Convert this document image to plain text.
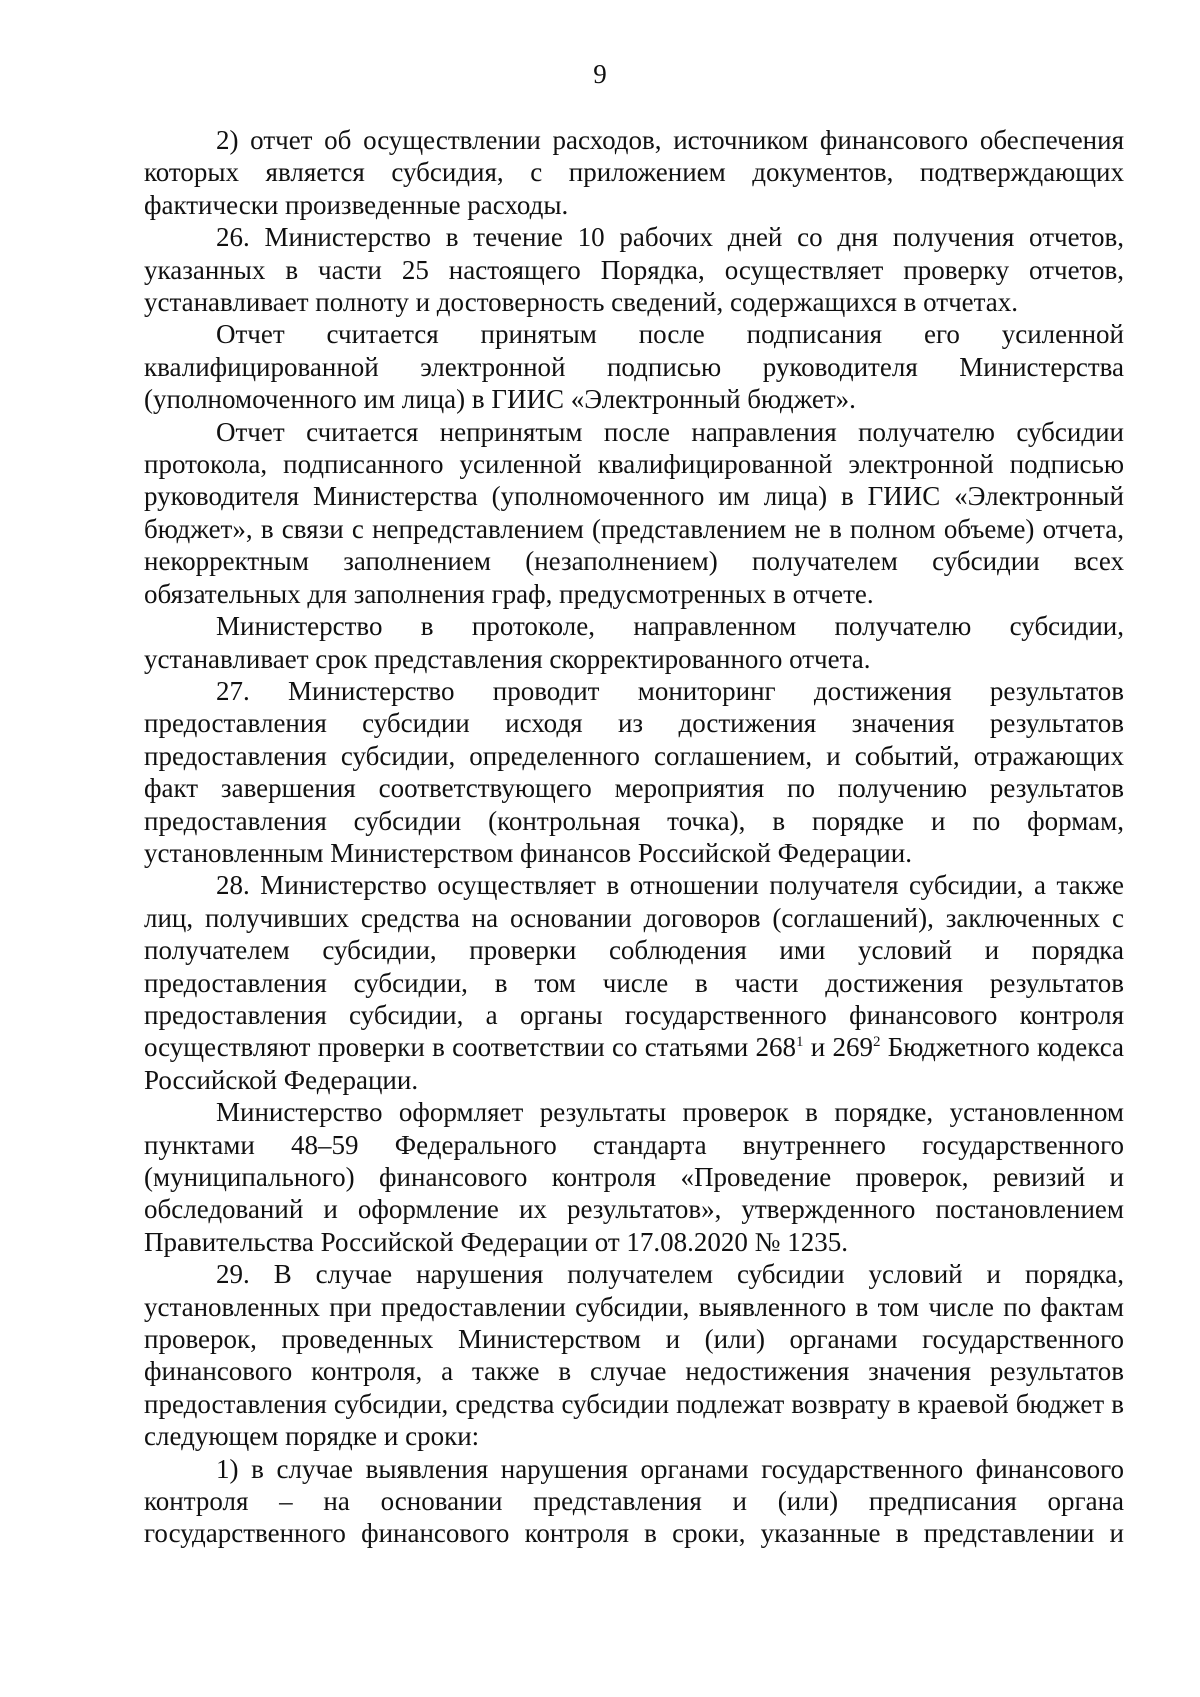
9

2) отчет об осуществлении расходов, источником финансового обеспечения которых является субсидия, с приложением документов, подтверждающих фактически произведенные расходы.

26. Министерство в течение 10 рабочих дней со дня получения отчетов, указанных в части 25 настоящего Порядка, осуществляет проверку отчетов, устанавливает полноту и достоверность сведений, содержащихся в отчетах.

Отчет считается принятым после подписания его усиленной квалифицированной электронной подписью руководителя Министерства (уполномоченного им лица) в ГИИС «Электронный бюджет».

Отчет считается непринятым после направления получателю субсидии протокола, подписанного усиленной квалифицированной электронной подписью руководителя Министерства (уполномоченного им лица) в ГИИС «Электронный бюджет», в связи с непредставлением (представлением не в полном объеме) отчета, некорректным заполнением (незаполнением) получателем субсидии всех обязательных для заполнения граф, предусмотренных в отчете.

Министерство в протоколе, направленном получателю субсидии, устанавливает срок представления скорректированного отчета.

27. Министерство проводит мониторинг достижения результатов предоставления субсидии исходя из достижения значения результатов предоставления субсидии, определенного соглашением, и событий, отражающих факт завершения соответствующего мероприятия по получению результатов предоставления субсидии (контрольная точка), в порядке и по формам, установленным Министерством финансов Российской Федерации.

28. Министерство осуществляет в отношении получателя субсидии, а также лиц, получивших средства на основании договоров (соглашений), заключенных с получателем субсидии, проверки соблюдения ими условий и порядка предоставления субсидии, в том числе в части достижения результатов предоставления субсидии, а органы государственного финансового контроля осуществляют проверки в соответствии со статьями $268^1$ и $269^2$ Бюджетного кодекса Российской Федерации.

Министерство оформляет результаты проверок в порядке, установленном пунктами 48–59 Федерального стандарта внутреннего государственного (муниципального) финансового контроля «Проведение проверок, ревизий и обследований и оформление их результатов», утвержденного постановлением Правительства Российской Федерации от 17.08.2020 № 1235.

29. В случае нарушения получателем субсидии условий и порядка, установленных при предоставлении субсидии, выявленного в том числе по фактам проверок, проведенных Министерством и (или) органами государственного финансового контроля, а также в случае недостижения значения результатов предоставления субсидии, средства субсидии подлежат возврату в краевой бюджет в следующем порядке и сроки:

1) в случае выявления нарушения органами государственного финансового контроля – на основании представления и (или) предписания органа государственного финансового контроля в сроки, указанные в представлении и
